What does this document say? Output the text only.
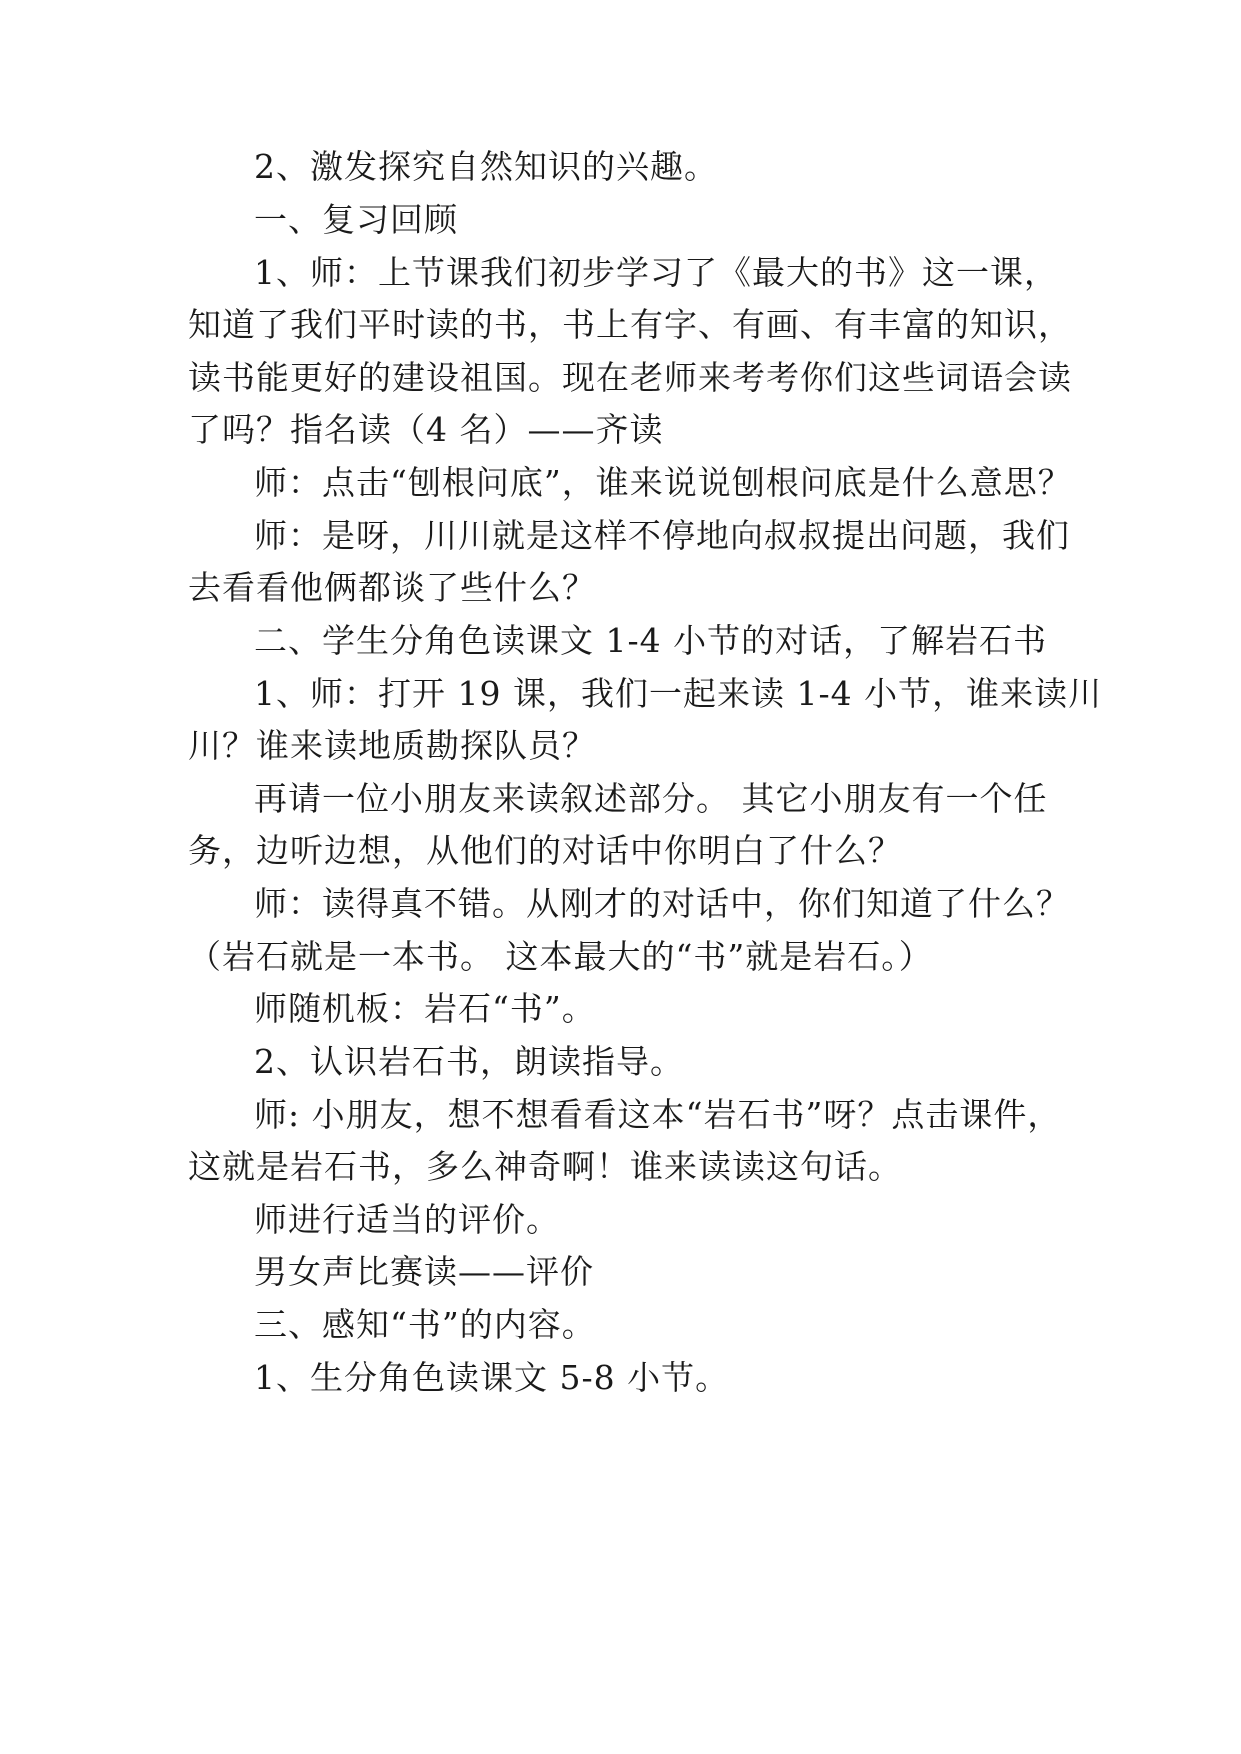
2、激发探究自然知识的兴趣。
一、复习回顾
1、师：上节课我们初步学习了《最大的书》这一课，
知道了我们平时读的书，书上有字、有画、有丰富的知识，
读书能更好的建设祖国。现在老师来考考你们这些词语会读
了吗？指名读（4 名）——齐读
师：点击“刨根问底”，谁来说说刨根问底是什么意思？
师：是呀，川川就是这样不停地向叔叔提出问题，我们
去看看他俩都谈了些什么？
二、学生分角色读课文 1-4 小节的对话，了解岩石书
1、师：打开 19 课，我们一起来读 1-4 小节，谁来读川
川？谁来读地质勘探队员？
再请一位小朋友来读叙述部分。 其它小朋友有一个任
务，边听边想，从他们的对话中你明白了什么？
师：读得真不错。从刚才的对话中，你们知道了什么？
（岩石就是一本书。 这本最大的“书”就是岩石。）
师随机板：岩石“书”。
2、认识岩石书，朗读指导。
师: 小朋友，想不想看看这本“岩石书”呀？点击课件，
这就是岩石书，多么神奇啊！谁来读读这句话。
师进行适当的评价。
男女声比赛读——评价
三、感知“书”的内容。
1、生分角色读课文 5-8 小节。
